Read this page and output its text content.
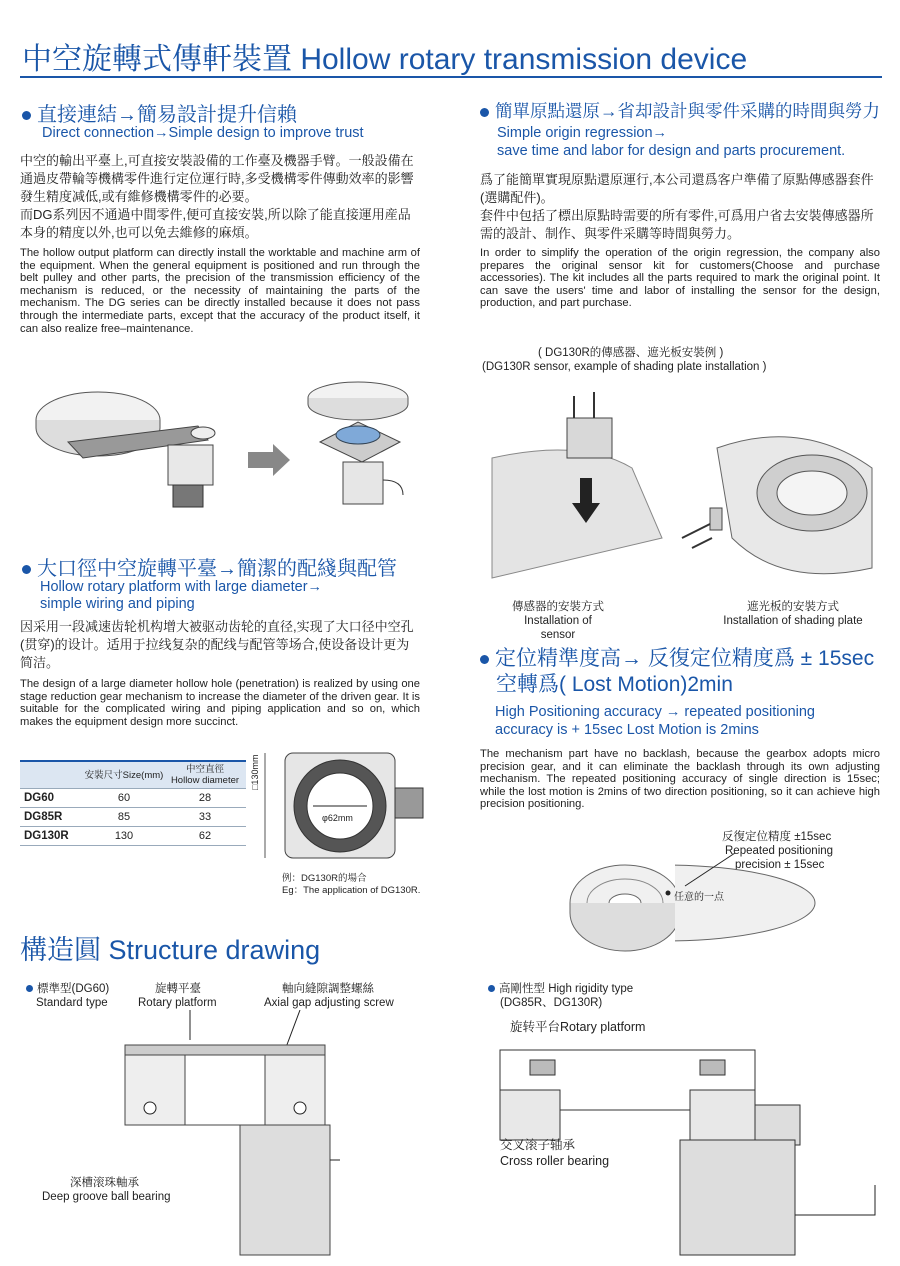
中空旋轉式傳軒裝置 Hollow rotary transmission device
直接連結→簡易設計提升信賴
Direct connection→Simple design to improve trust
中空的輸出平臺上,可直接安裝設備的工作臺及機器手臂。一般設備在通過皮帶輪等機構零件進行定位運行時,多受機構零件傳動效率的影響發生精度减低,或有維修機構零件的必要。
而DG系列因不通過中間零件,便可直接安裝,所以除了能直接運用産品本身的精度以外,也可以免去維修的麻煩。
The hollow output platform can directly install the worktable and machine arm of the equipment. When the general equipment is positioned and run through the belt pulley and other parts, the precision of the transmission efficiency of the mechanism is reduced, or the necessity of maintaining the parts of the mechanism. The DG series can be directly installed because it does not pass through the intermediate parts, except that the accuracy of the product itself, it can also realize free–maintenance.
簡單原點還原→省却設計與零件采購的時間與勞力
Simple origin regression→
save time and labor for design and parts procurement.
爲了能簡單實現原點還原運行,本公司還爲客户準備了原點傳感器套件(選購配件)。
套件中包括了標出原點時需要的所有零件,可爲用户省去安裝傳感器所需的設計、制作、與零件采購等時間與勞力。
In order to simplify the operation of the origin regression, the company also prepares the original sensor kit for customers(Choose and purchase accessories). The kit includes all the parts required to mark the original point. It can save the users' time and labor of installing the sensor for the design, production, and part purchase.
( DG130R的傳感器、遮光板安裝例 )
(DG130R sensor, example of shading plate installation )
傳感器的安裝方式
Installation of sensor
遮光板的安裝方式
Installation of shading plate
大口徑中空旋轉平臺→簡潔的配綫與配管
Hollow rotary platform with large diameter→
simple wiring and piping
因采用一段减速齿轮机构增大被驱动齿轮的直径,实现了大口径中空孔(贯穿)的设计。适用于拉线复杂的配线与配管等场合,使设备设计更为简洁。
The design of a large diameter hollow hole (penetration) is realized by using one stage reduction gear mechanism to increase the diameter of the driven gear. It is suitable for the complicated wiring and piping application and so on, which makes the equipment design more succinct.
	安裝尺寸Size(mm)	中空直徑
Hollow diameter

DG60	60	28
DG85R	85	33
DG130R	130	62
□130mm
φ62mm
例：DG130R的場合
Eg：The application of DG130R.
定位精準度高→ 反復定位精度爲 ± 15sec
空轉爲( Lost Motion)2min
High Positioning accuracy → repeated positioning
accuracy is + 15sec Lost Motion is 2mins
The mechanism part have no backlash, because the gearbox adopts micro precision gear, and it can eliminate the backlash through its own adjusting mechanism. The repeated positioning accuracy of single direction is 15sec; while the lost motion is 2mins of two direction positioning, so it can achieve high precision positioning.
反復定位精度 ±15sec
Repeated positioning
precision ± 15sec
任意的一点
構造圓 Structure drawing
標準型(DG60)
Standard type
旋轉平臺
Rotary platform
軸向縫隙調整螺絲
Axial gap adjusting screw
深槽滚珠軸承
Deep groove ball bearing
高剛性型 High rigidity type
(DG85R、DG130R)
旋转平台Rotary platform
交叉滚子轴承
Cross roller bearing
